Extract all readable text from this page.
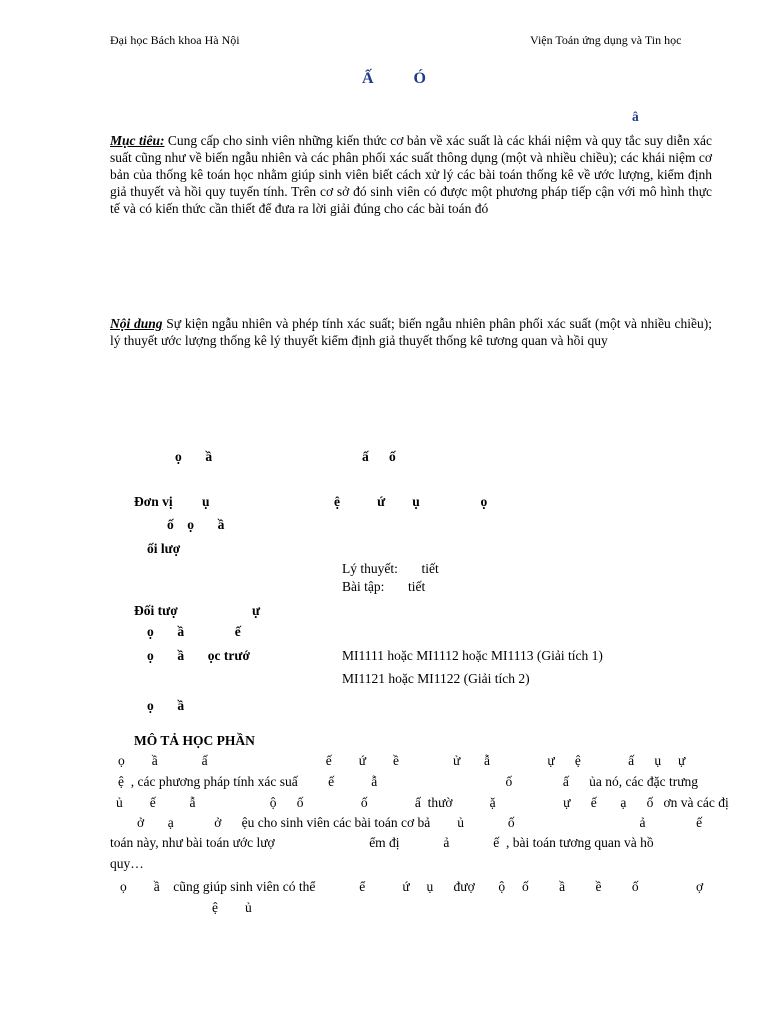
Đại học Bách khoa Hà Nội	Viện Toán ứng dụng và Tin học
Ấ          Ó
â
Mục tiêu: Cung cấp cho sinh viên những kiến thức cơ bản về xác suất là các khái niệm và quy tắc suy diễn xác suất cũng như về biến ngẫu nhiên và các phân phối xác suất thông dụng (một và nhiều chiều); các khái niệm cơ bản của thống kê toán học nhằm giúp sinh viên biết cách xử lý các bài toán thống kê về ước lượng, kiểm định giả thuyết và hồi quy tuyến tính. Trên cơ sở đó sinh viên có được một phương pháp tiếp cận với mô hình thực tế và có kiến thức cần thiết để đưa ra lời giải đúng cho các bài toán đó
Nội dung Sự kiện ngẫu nhiên và phép tính xác suất; biến ngẫu nhiên phân phối xác suất (một và nhiều chiều); lý thuyết ước lượng thống kê lý thuyết kiểm định giả thuyết thống kê tương quan và hồi quy
ọ       ầ	ấ      ố
Đơn vị ụ	ệ           ứ        ụ                  ọ
ố    ọ       ầ
ối lượ
Lý thuyết:       tiết
Bài tập:       tiết
Đối tượ	ự
ọ       ầ               ế
ọ       ầ       ọc trướ	MI1111 hoặc MI1112 hoặc MI1113 (Giải tích 1)
MI1121 hoặc MI1122 (Giải tích 2)
ọ       ầ
MÔ TẢ HỌC PHẦN
ọ        ầ             ấ                                   ế        ứ        ề                ử       ẫ                 ự      ệ              ấ      ụ     ự
ệ  , các phương pháp tính xác suấ         ế           ẫ                                      ố               ấ      ủa nó, các đặc trưng
ủ        ế          ẫ                      ộ      ố                 ố              ấ  thườ           ặ                    ự      ế       ạ      ố   ơn và các đị
ở       ạ            ở      ệu cho sinh viên các bài toán cơ bả        ủ             ố                                     ả               ế
toán này, như bài toán ước lượ                            ểm đị             ả             ế  , bài toán tương quan và hồ
quy…
ọ        ầ    cũng giúp sinh viên có thể             ể           ứ     ụ      đượ       ộ     ố         ầ         ề         ố                 ợ
ệ        ủ
